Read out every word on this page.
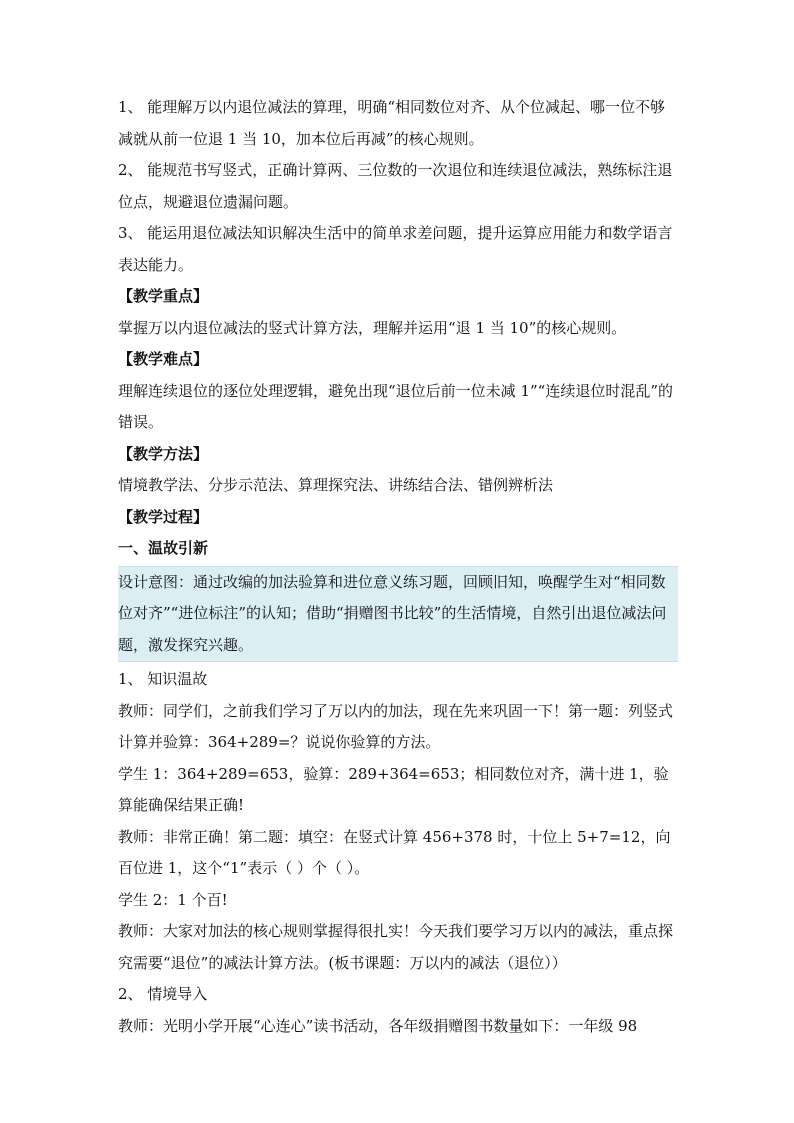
1、 能理解万以内退位减法的算理，明确“相同数位对齐、从个位减起、哪一位不够减就从前一位退 1 当 10，加本位后再减”的核心规则。

2、 能规范书写竖式，正确计算两、三位数的一次退位和连续退位减法，熟练标注退位点，规避退位遗漏问题。

3、 能运用退位减法知识解决生活中的简单求差问题，提升运算应用能力和数学语言表达能力。

【教学重点】

掌握万以内退位减法的竖式计算方法，理解并运用“退 1 当 10”的核心规则。

【教学难点】

理解连续退位的逐位处理逻辑，避免出现“退位后前一位未减 1”“连续退位时混乱”的错误。

【教学方法】

情境教学法、分步示范法、算理探究法、讲练结合法、错例辨析法

【教学过程】

一、温故引新

设计意图：通过改编的加法验算和进位意义练习题，回顾旧知，唤醒学生对“相同数位对齐”“进位标注”的认知；借助“捐赠图书比较”的生活情境，自然引出退位减法问题，激发探究兴趣。

1、 知识温故

教师：同学们，之前我们学习了万以内的加法，现在先来巩固一下！第一题：列竖式计算并验算：364+289=？说说你验算的方法。

学生 1：364+289=653，验算：289+364=653；相同数位对齐，满十进 1，验算能确保结果正确!

教师：非常正确！第二题：填空：在竖式计算 456+378 时，十位上 5+7=12，向百位进 1，这个“1”表示（ ）个（ ）。

学生 2：1 个百!

教师：大家对加法的核心规则掌握得很扎实！今天我们要学习万以内的减法，重点探究需要“退位”的减法计算方法。(板书课题：万以内的减法（退位））

2、 情境导入

教师：光明小学开展“心连心”读书活动，各年级捐赠图书数量如下：一年级 98
